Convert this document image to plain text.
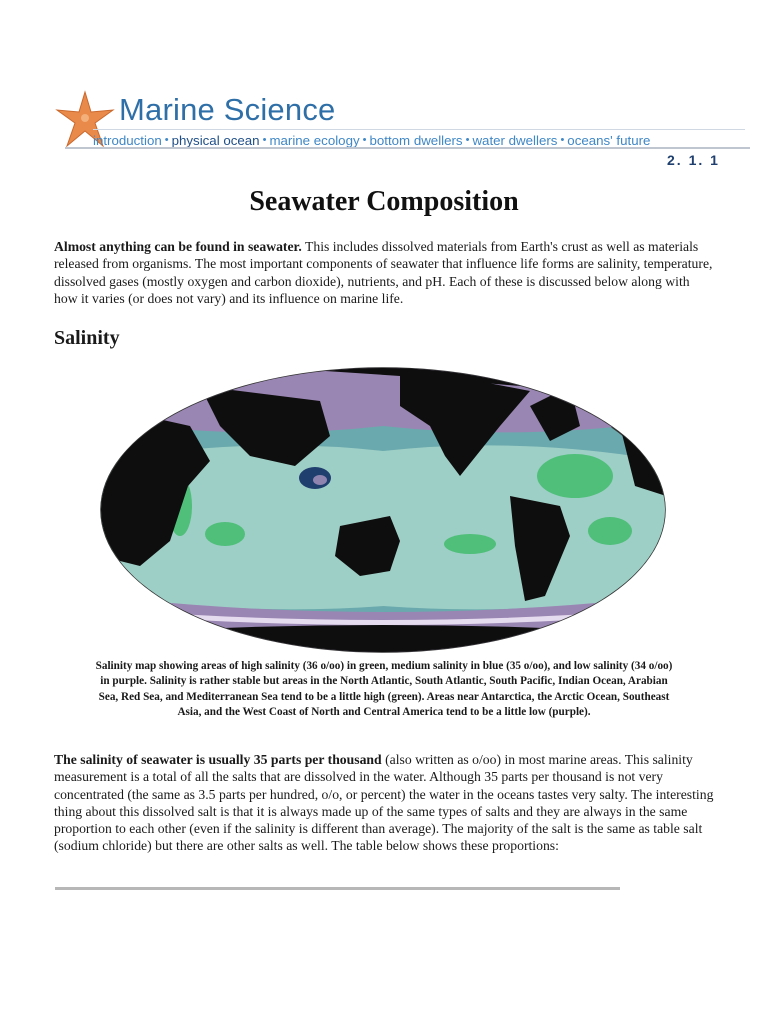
Marine Science
introduction • physical ocean • marine ecology • bottom dwellers • water dwellers • oceans' future
2. 1. 1
Seawater Composition

Almost anything can be found in seawater. This includes dissolved materials from Earth's crust as well as materials released from organisms. The most important components of seawater that influence life forms are salinity, temperature, dissolved gases (mostly oxygen and carbon dioxide), nutrients, and pH. Each of these is discussed below along with how it varies (or does not vary) and its influence on marine life.

Salinity

Salinity map showing areas of high salinity (36 o/oo) in green, medium salinity in blue (35 o/oo), and low salinity (34 o/oo) in purple. Salinity is rather stable but areas in the North Atlantic, South Atlantic, South Pacific, Indian Ocean, Arabian Sea, Red Sea, and Mediterranean Sea tend to be a little high (green). Areas near Antarctica, the Arctic Ocean, Southeast Asia, and the West Coast of North and Central America tend to be a little low (purple).

The salinity of seawater is usually 35 parts per thousand (also written as o/oo) in most marine areas. This salinity measurement is a total of all the salts that are dissolved in the water. Although 35 parts per thousand is not very concentrated (the same as 3.5 parts per hundred, o/o, or percent) the water in the oceans tastes very salty. The interesting thing about this dissolved salt is that it is always made up of the same types of salts and they are always in the same proportion to each other (even if the salinity is different than average). The majority of the salt is the same as table salt (sodium chloride) but there are other salts as well. The table below shows these proportions:
